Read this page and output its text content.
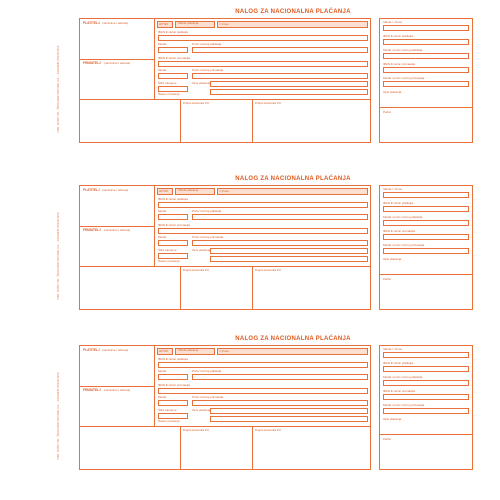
OBL. NZNP 3N - ŠKOLSKE NOVINE d.d. - ZAGREB (TISAK NN)
NALOG ZA NACIONALNA PLAĆANJA
PLATITELJ (naziv/ime i adresa)
PRIMATELJ (naziv/ime i adresa)
HITNO	Valuta plaćanja	= Iznos
IBAN ili račun platitelja
Model	Poziv na broj platitelja
IBAN ili račun primatelja
Model	Poziv na broj primatelja
Šifra namjene	Opis plaćanja
Datum izvršenja
Potpis korisnika PU	Potpis korisnika PU
Valuta = Iznos
IBAN ili račun platitelja
Model i poziv na broj platitelja
IBAN ili račun primatelja
Model i poziv na broj primatelja
Opis plaćanja
Pečat
OBL. NZNP 3N - ŠKOLSKE NOVINE d.d. - ZAGREB (TISAK NN)
NALOG ZA NACIONALNA PLAĆANJA
PLATITELJ (naziv/ime i adresa)
PRIMATELJ (naziv/ime i adresa)
HITNO	Valuta plaćanja	= Iznos
IBAN ili račun platitelja
Model	Poziv na broj platitelja
IBAN ili račun primatelja
Model	Poziv na broj primatelja
Šifra namjene	Opis plaćanja
Datum izvršenja
Potpis korisnika PU	Potpis korisnika PU
Valuta = Iznos
IBAN ili račun platitelja
Model i poziv na broj platitelja
IBAN ili račun primatelja
Model i poziv na broj primatelja
Opis plaćanja
Pečat
OBL. NZNP 3N - ŠKOLSKE NOVINE d.d. - ZAGREB (TISAK NN)
NALOG ZA NACIONALNA PLAĆANJA
PLATITELJ (naziv/ime i adresa)
PRIMATELJ (naziv/ime i adresa)
HITNO	Valuta plaćanja	= Iznos
IBAN ili račun platitelja
Model	Poziv na broj platitelja
IBAN ili račun primatelja
Model	Poziv na broj primatelja
Šifra namjene	Opis plaćanja
Datum izvršenja
Potpis korisnika PU	Potpis korisnika PU
Valuta = Iznos
IBAN ili račun platitelja
Model i poziv na broj platitelja
IBAN ili račun primatelja
Model i poziv na broj primatelja
Opis plaćanja
Pečat
